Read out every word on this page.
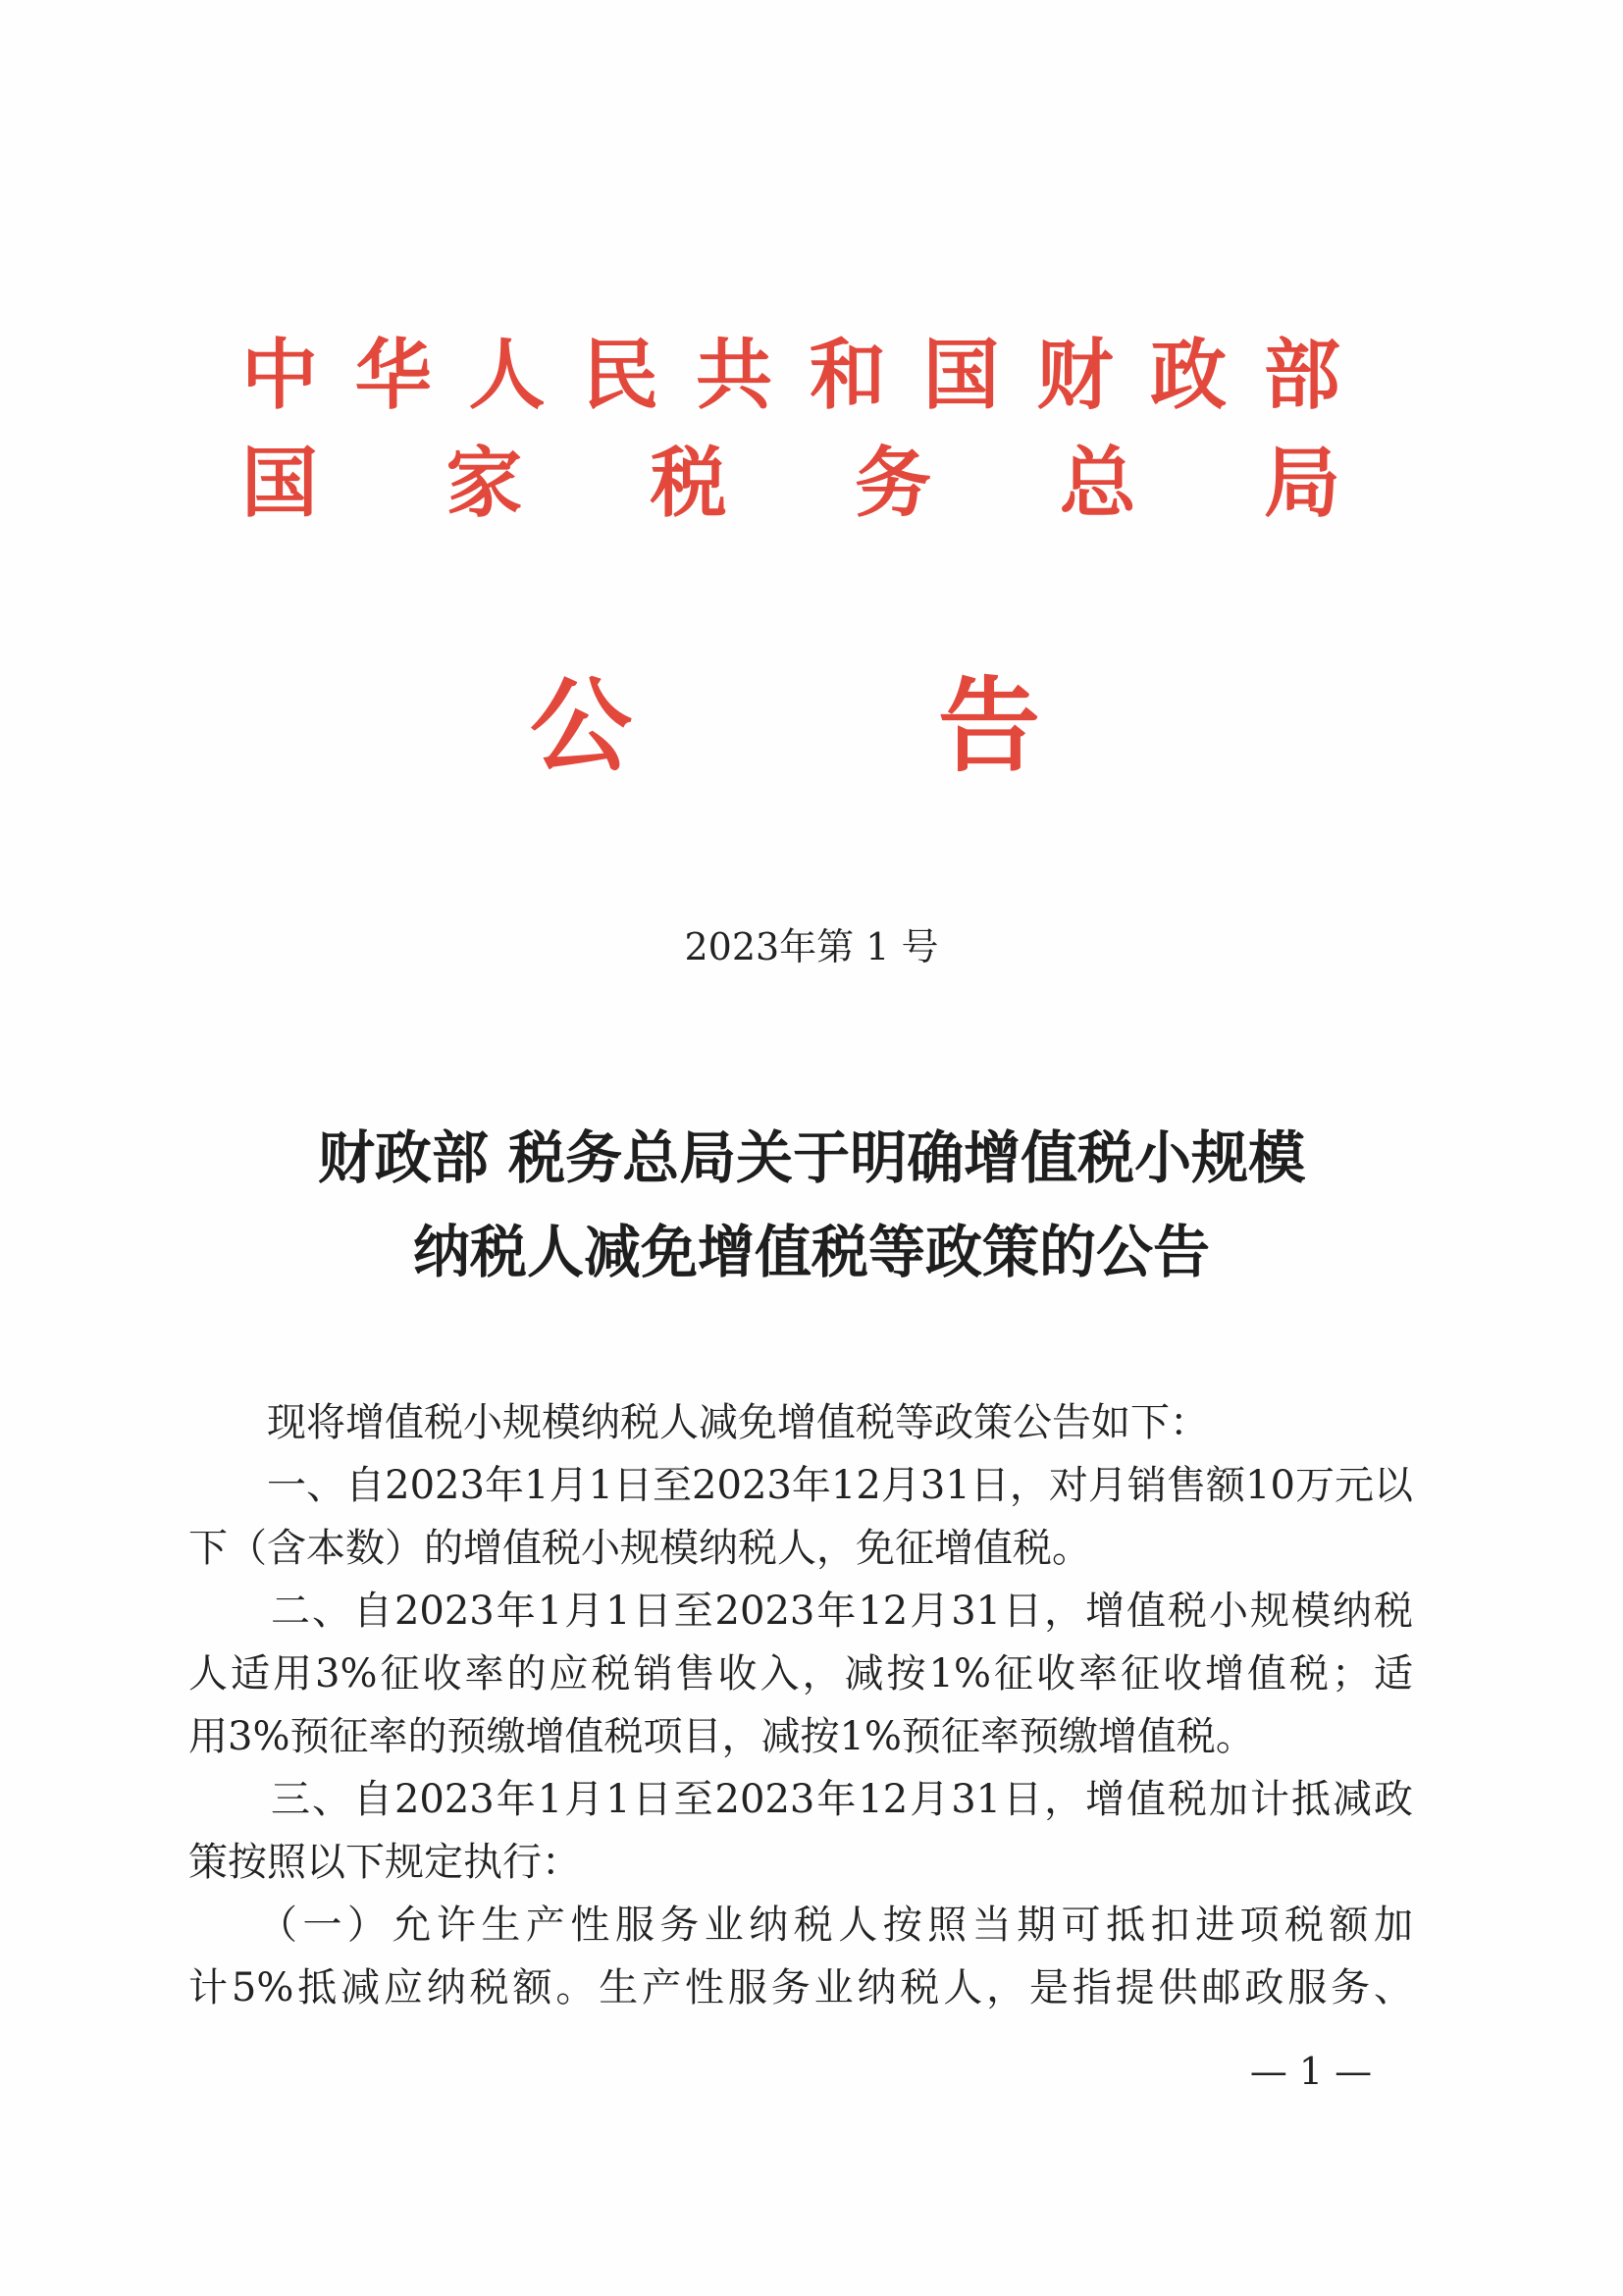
中 华 人 民 共 和 国 财 政 部
国 家 税 务 总 局
公	告
2023年第 1 号
财政部 税务总局关于明确增值税小规模
纳税人减免增值税等政策的公告
　　现将增值税小规模纳税人减免增值税等政策公告如下：
　　一、自2023年1月1日至2023年12月31日，对月销售额10万元以
下（含本数）的增值税小规模纳税人，免征增值税。
　　二、自2023年1月1日至2023年12月31日，增值税小规模纳税
人适用3%征收率的应税销售收入，减按1%征收率征收增值税；适
用3%预征率的预缴增值税项目，减按1%预征率预缴增值税。
　　三、自2023年1月1日至2023年12月31日，增值税加计抵减政
策按照以下规定执行：
　　（一）允许生产性服务业纳税人按照当期可抵扣进项税额加
计5%抵减应纳税额。生产性服务业纳税人，是指提供邮政服务、
— 1 —
